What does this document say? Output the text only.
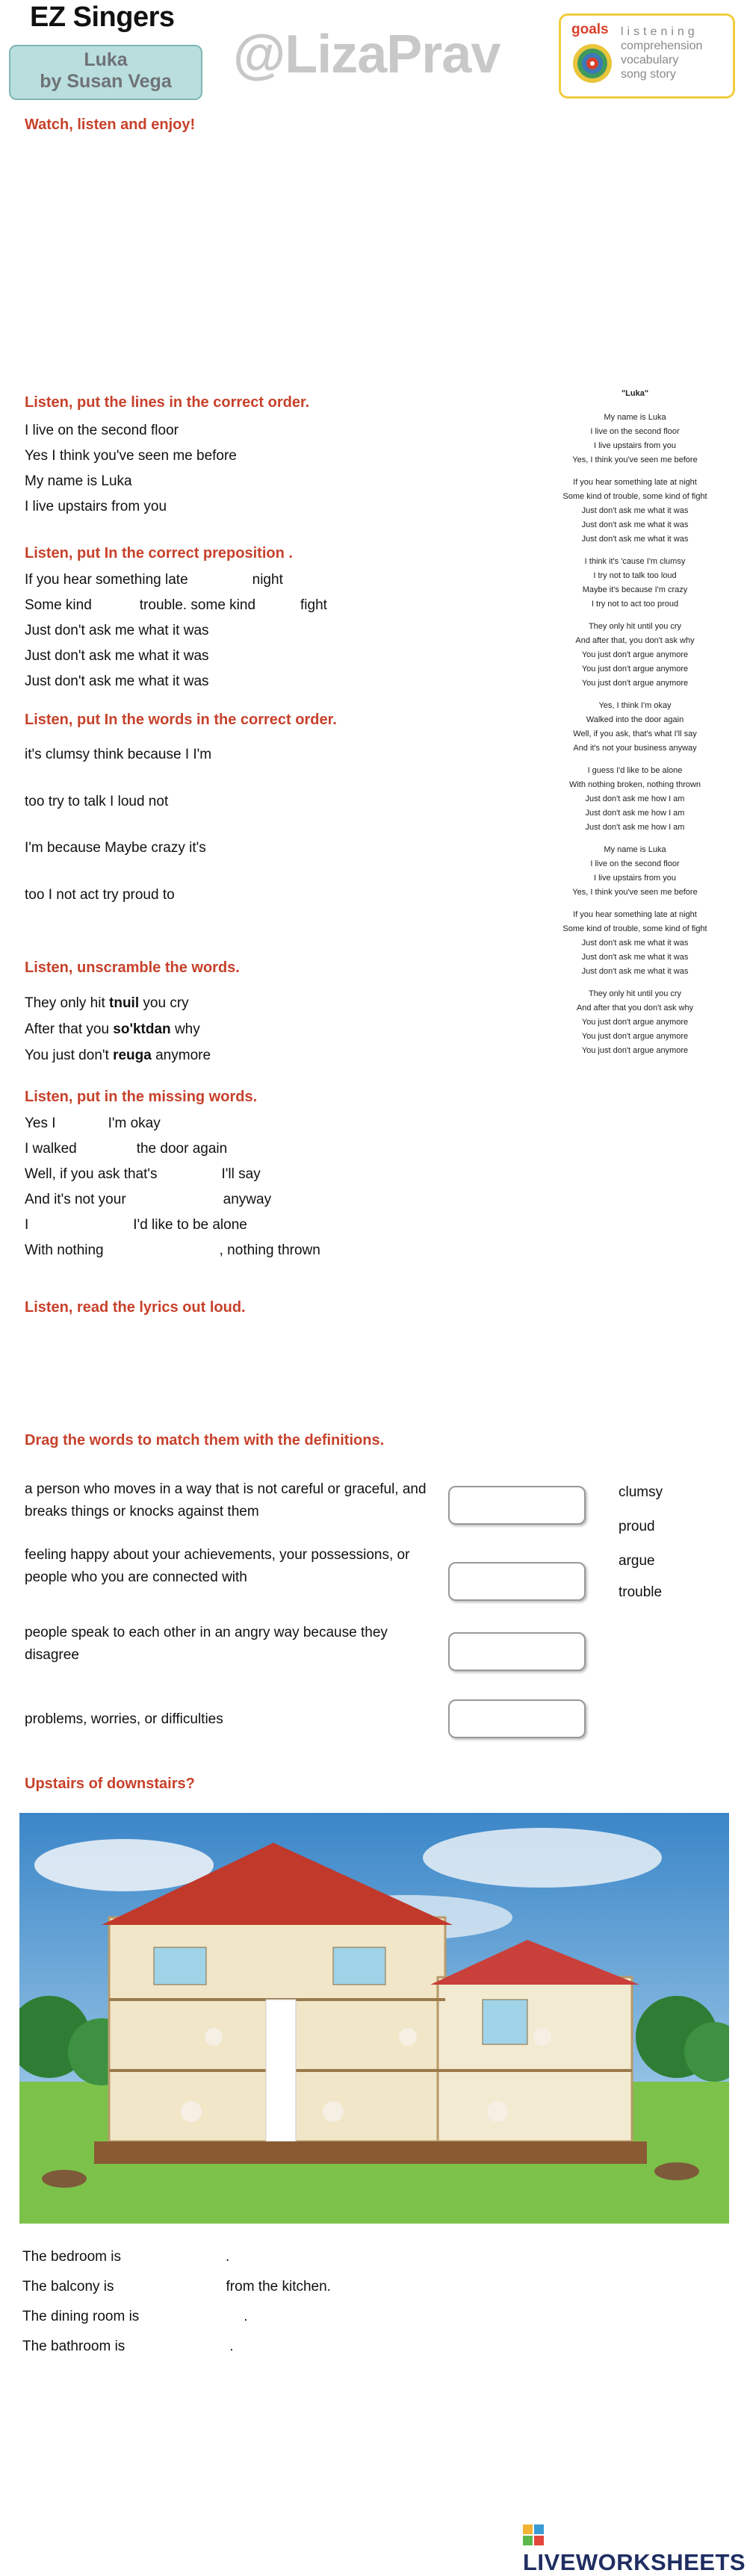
EZ Singers
Luka
by Susan Vega	@LizaPrav	goals listening
comprehension
vocabulary
song story
Watch, listen and enjoy!
Listen, put the lines in the correct order.
I live on the second floor
Yes I think you've seen me before
My name is Luka
I live upstairs from you
Listen, put In the correct preposition .
If you hear something late	night
Some kind	trouble. some kind	fight
Just don't ask me what it was
Just don't ask me what it was
Just don't ask me what it was
Listen, put In the words in the correct order.
it's clumsy think because I I'm
too try to talk I loud not
I'm because Maybe crazy it's
too I not act try proud to
Listen, unscramble the words.
They only hit tnuil you cry
After that you so'ktdan why
You just don't reuga anymore
Listen, put in the missing words.
Yes I	I'm okay
I walked	the door again
Well, if you ask that's	I'll say
And it's not your	anyway
I	I'd like to be alone
With nothing	, nothing thrown
Listen, read the lyrics out loud.
"Luka"
My name is Luka
I live on the second floor
I live upstairs from you
Yes, I think you've seen me before
If you hear something late at night
Some kind of trouble, some kind of fight
Just don't ask me what it was
Just don't ask me what it was
Just don't ask me what it was
I think it's 'cause I'm clumsy
I try not to talk too loud
Maybe it's because I'm crazy
I try not to act too proud
They only hit until you cry
And after that, you don't ask why
You just don't argue anymore
You just don't argue anymore
You just don't argue anymore
Yes, I think I'm okay
Walked into the door again
Well, if you ask, that's what I'll say
And it's not your business anyway
I guess I'd like to be alone
With nothing broken, nothing thrown
Just don't ask me how I am
Just don't ask me how I am
Just don't ask me how I am
My name is Luka
I live on the second floor
I live upstairs from you
Yes, I think you've seen me before
If you hear something late at night
Some kind of trouble, some kind of fight
Just don't ask me what it was
Just don't ask me what it was
Just don't ask me what it was
They only hit until you cry
And after that you don't ask why
You just don't argue anymore
You just don't argue anymore
You just don't argue anymore
Drag the words to match them with the definitions.
a person who moves in a way that is not careful or graceful, and breaks things or knocks against them
feeling happy about your achievements, your possessions, or people who you are connected with
people speak to each other in an angry way because they disagree
problems, worries, or difficulties
clumsy
proud
argue
trouble
Upstairs of downstairs?
The bedroom is	.
The balcony is	from the kitchen.
The dining room is	.
The bathroom is	.
LIVEWORKSHEETS
